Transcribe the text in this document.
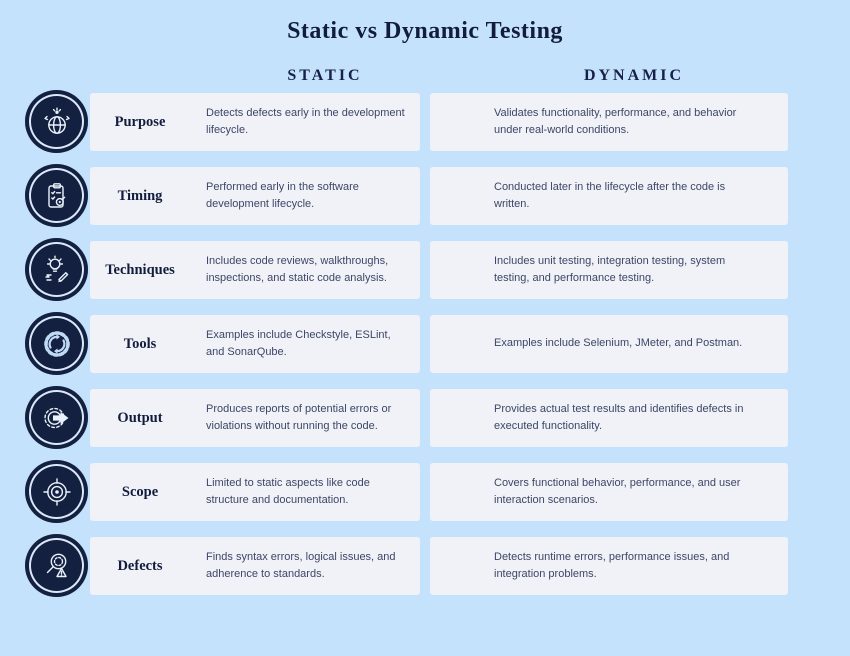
Static vs Dynamic Testing
STATIC	DYNAMIC
Purpose
Detects defects early in the development lifecycle.
Validates functionality, performance, and behavior under real-world conditions.
Timing
Performed early in the software development lifecycle.
Conducted later in the lifecycle after the code is written.
Techniques
Includes code reviews, walkthroughs, inspections, and static code analysis.
Includes unit testing, integration testing, system testing, and performance testing.
Tools
Examples include Checkstyle, ESLint, and SonarQube.
Examples include Selenium, JMeter, and Postman.
Output
Produces reports of potential errors or violations without running the code.
Provides actual test results and identifies defects in executed functionality.
Scope
Limited to static aspects like code structure and documentation.
Covers functional behavior, performance, and user interaction scenarios.
Defects
Finds syntax errors, logical issues, and adherence to standards.
Detects runtime errors, performance issues, and integration problems.
